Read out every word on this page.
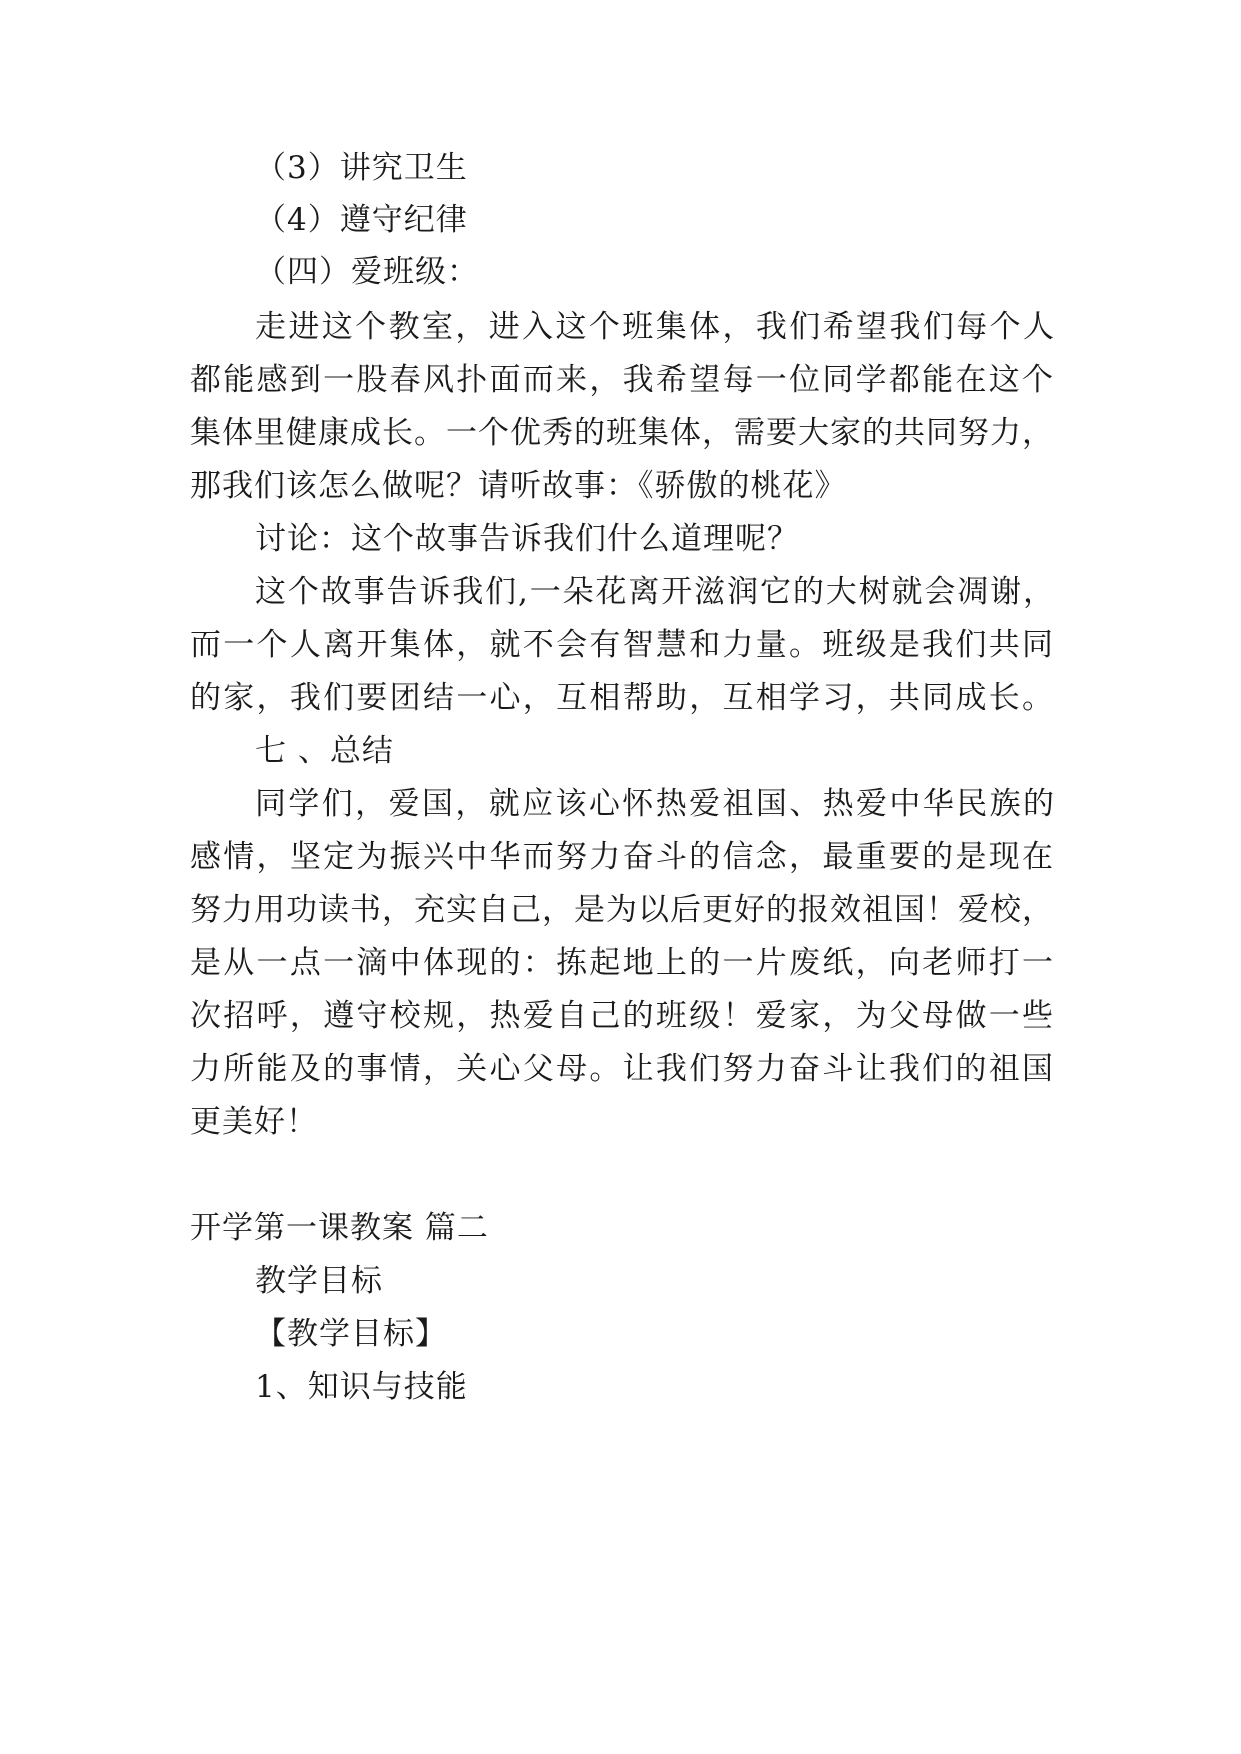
（3）讲究卫生

（4）遵守纪律

（四）爱班级：

走进这个教室，进入这个班集体，我们希望我们每个人

都能感到一股春风扑面而来，我希望每一位同学都能在这个

集体里健康成长。一个优秀的班集体，需要大家的共同努力，

那我们该怎么做呢？请听故事：《骄傲的桃花》

讨论：这个故事告诉我们什么道理呢？

这个故事告诉我们,一朵花离开滋润它的大树就会凋谢，

而一个人离开集体，就不会有智慧和力量。班级是我们共同

的家，我们要团结一心，互相帮助，互相学习，共同成长。

七 、总结

同学们，爱国，就应该心怀热爱祖国、热爱中华民族的

感情，坚定为振兴中华而努力奋斗的信念，最重要的是现在

努力用功读书，充实自己，是为以后更好的报效祖国！爱校，

是从一点一滴中体现的：拣起地上的一片废纸，向老师打一

次招呼，遵守校规，热爱自己的班级！爱家，为父母做一些

力所能及的事情，关心父母。让我们努力奋斗让我们的祖国

更美好！

开学第一课教案 篇二

教学目标

【教学目标】

1、知识与技能
